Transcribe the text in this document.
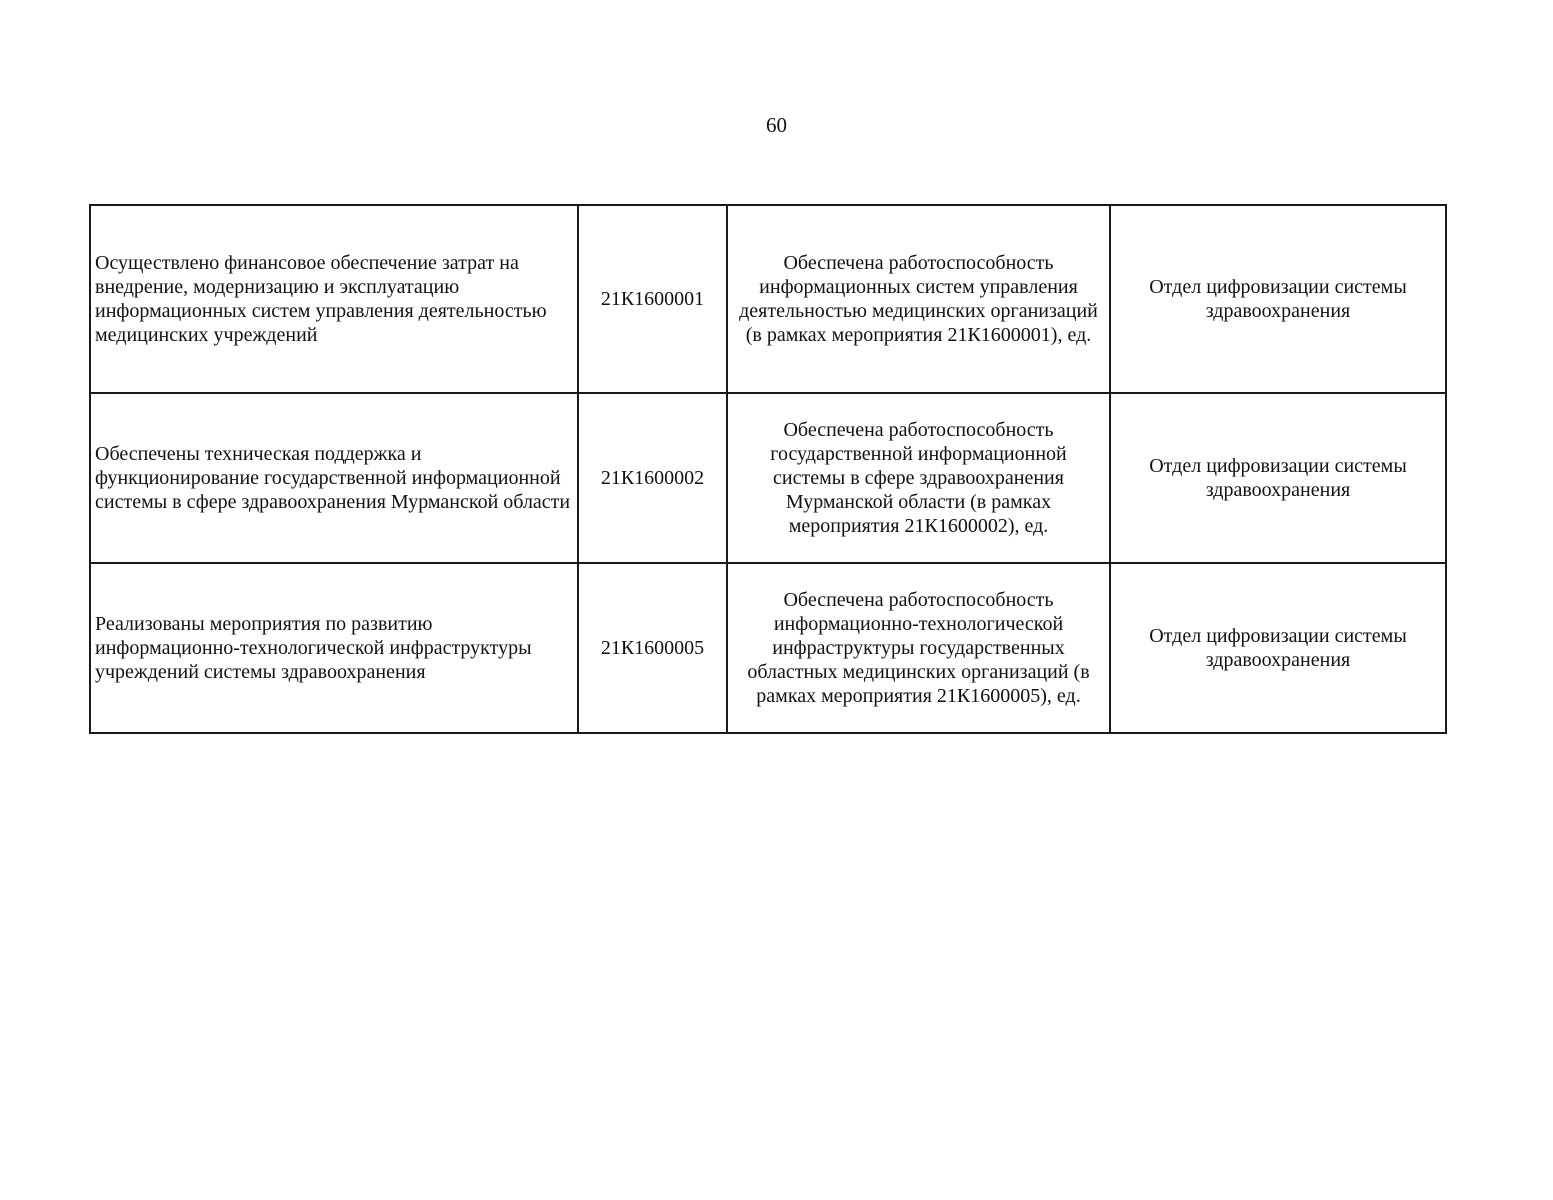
60
Осуществлено финансовое обеспечение затрат на внедрение, модернизацию и эксплуатацию информационных систем управления деятельностью медицинских учреждений	21К1600001	Обеспечена работоспособность информационных систем управления деятельностью медицинских организаций (в рамках мероприятия 21К1600001), ед.	Отдел цифровизации системы здравоохранения
Обеспечены техническая поддержка и функционирование государственной информационной системы в сфере здравоохранения Мурманской области	21К1600002	Обеспечена работоспособность государственной информационной системы в сфере здравоохранения Мурманской области (в рамках мероприятия 21К1600002), ед.	Отдел цифровизации системы здравоохранения
Реализованы мероприятия по развитию информационно-технологической инфраструктуры учреждений системы здравоохранения	21К1600005	Обеспечена работоспособность информационно-технологической инфраструктуры государственных областных медицинских организаций (в рамках мероприятия 21К1600005), ед.	Отдел цифровизации системы здравоохранения
